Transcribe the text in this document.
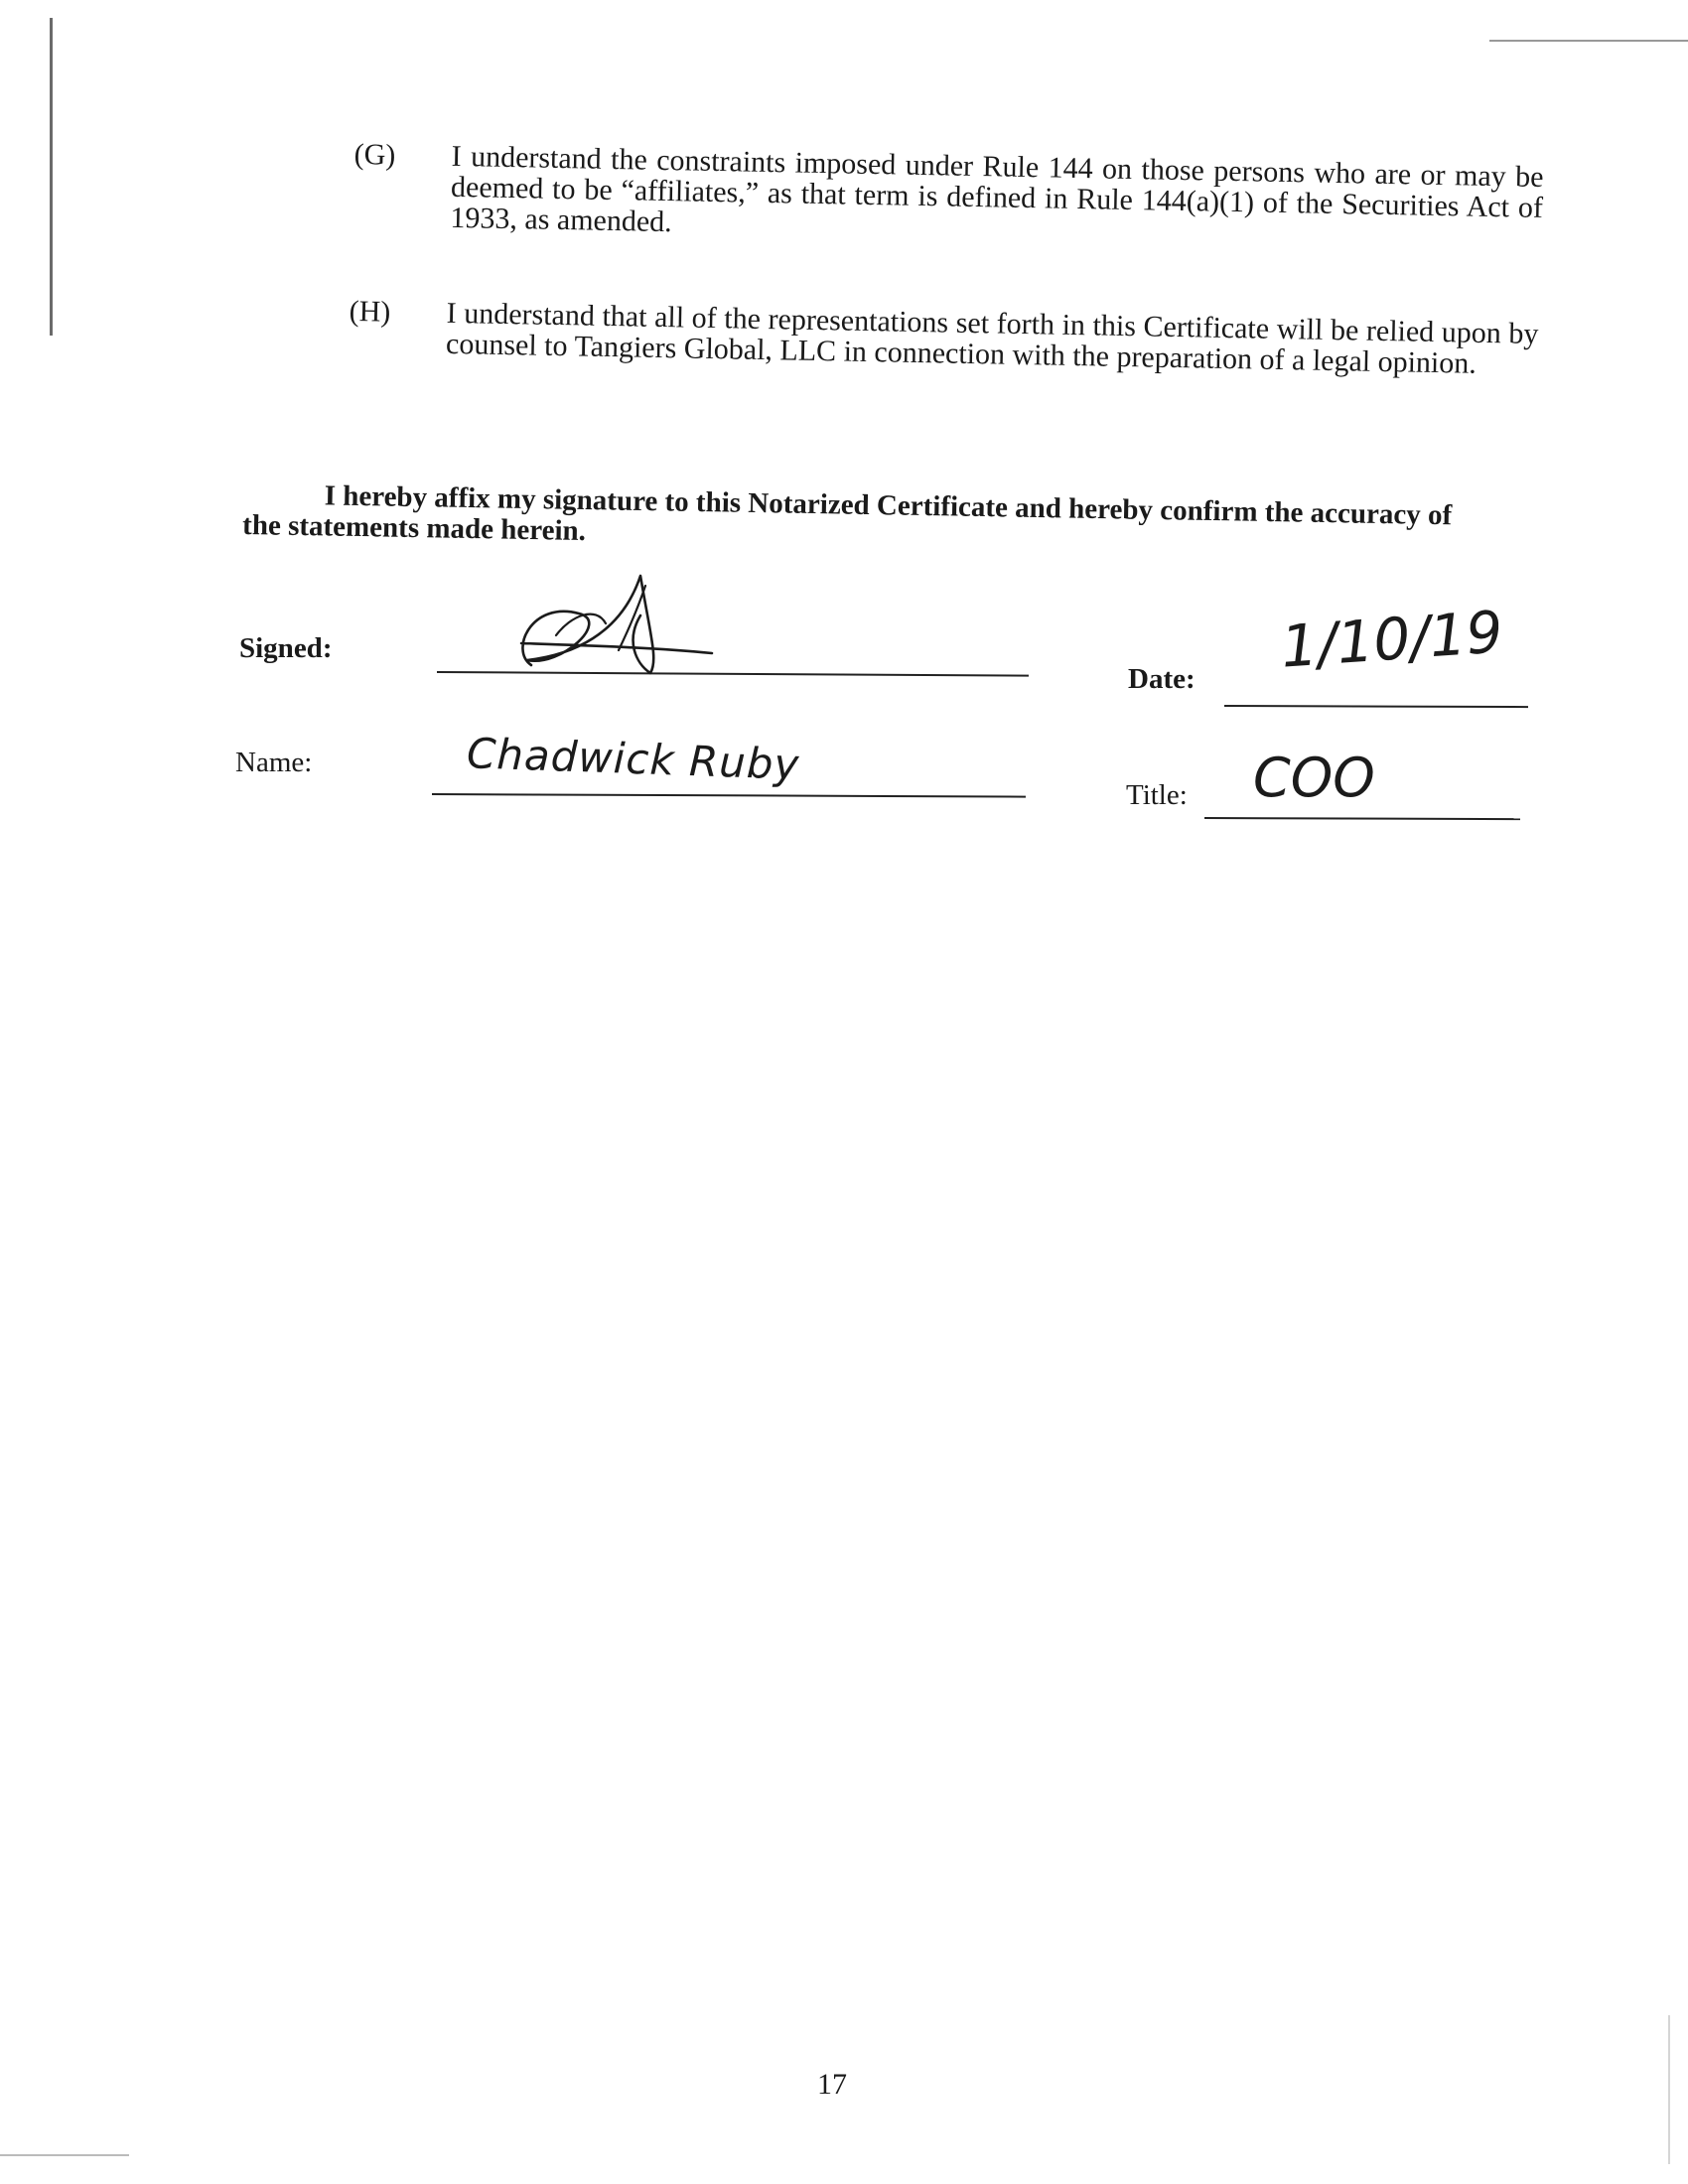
(G) I understand the constraints imposed under Rule 144 on those persons who are or may be deemed to be “affiliates,” as that term is defined in Rule 144(a)(1) of the Securities Act of 1933, as amended.
(H) I understand that all of the representations set forth in this Certificate will be relied upon by counsel to Tangiers Global, LLC in connection with the preparation of a legal opinion.
I hereby affix my signature to this Notarized Certificate and hereby confirm the accuracy of the statements made herein.
Signed:
Date: 1/10/19
Name:	Chadwick Ruby
Title: COO
17
